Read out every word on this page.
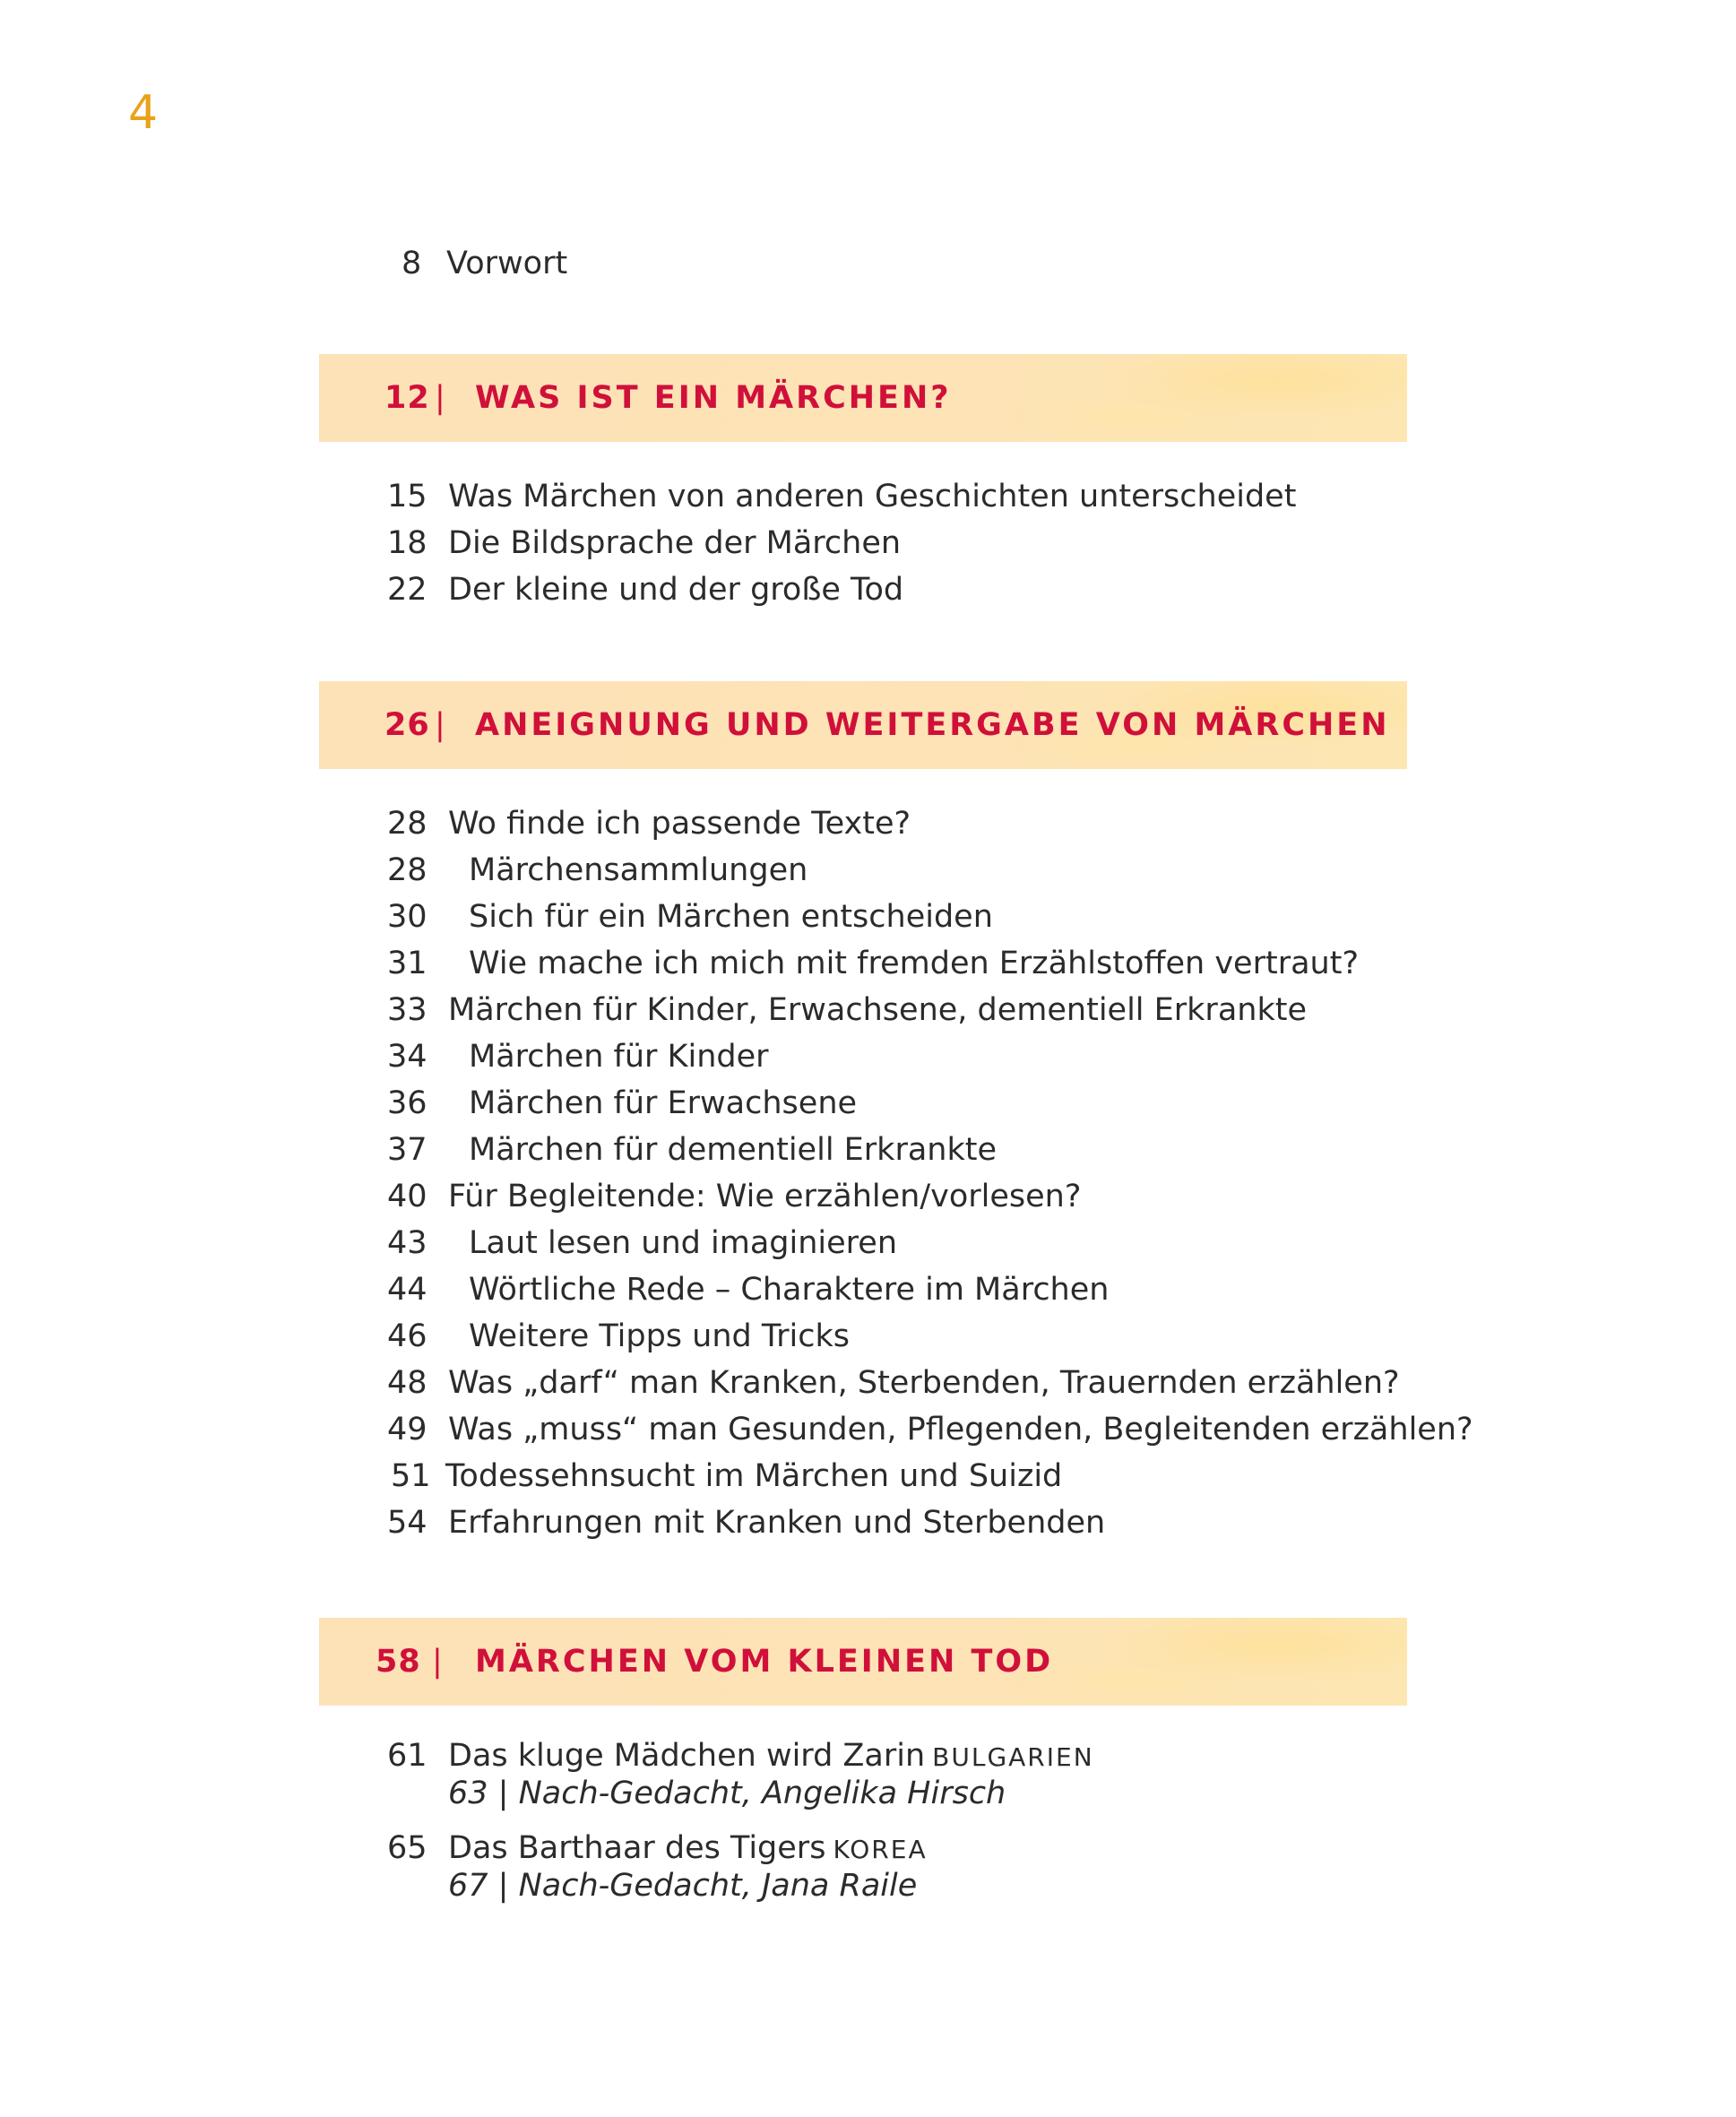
4
8 Vorwort
15 Was Märchen von anderen Geschichten unterscheidet
18 Die Bildsprache der Märchen
22 Der kleine und der große Tod
28 Wo finde ich passende Texte?
28 Märchensammlungen
30 Sich für ein Märchen entscheiden
31 Wie mache ich mich mit fremden Erzählstoffen vertraut?
33 Märchen für Kinder, Erwachsene, dementiell Erkrankte
34 Märchen für Kinder
36 Märchen für Erwachsene
37 Märchen für dementiell Erkrankte
40 Für Begleitende: Wie erzählen/vorlesen?
43 Laut lesen und imaginieren
44 Wörtliche Rede – Charaktere im Märchen
46 Weitere Tipps und Tricks
48 Was „darf“ man Kranken, Sterbenden, Trauernden erzählen?
49 Was „muss“ man Gesunden, Pflegenden, Begleitenden erzählen?
51 Todessehnsucht im Märchen und Suizid
54 Erfahrungen mit Kranken und Sterbenden
61 Das kluge Mädchen wird Zarin BULGARIEN
63 | Nach-Gedacht, Angelika Hirsch
65 Das Barthaar des Tigers KOREA
67 | Nach-Gedacht, Jana Raile
12 | WAS IST EIN MÄRCHEN?
26 | ANEIGNUNG UND WEITERGABE VON MÄRCHEN
58 | MÄRCHEN VOM KLEINEN TOD
